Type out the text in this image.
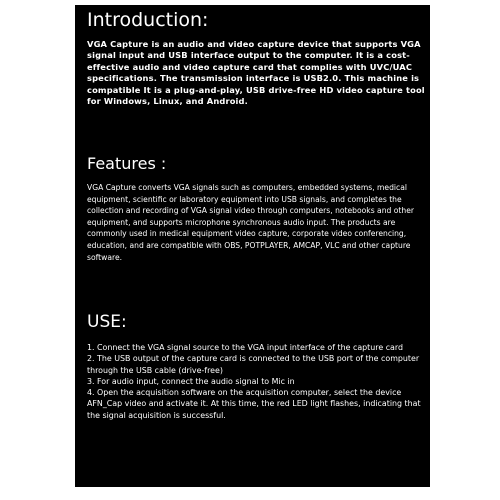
Introduction:

VGA Capture is an audio and video capture device that supports VGA signal input and USB interface output to the computer. It is a cost-effective audio and video capture card that complies with UVC/UAC specifications. The transmission interface is USB2.0. This machine is compatible It is a plug-and-play, USB drive-free HD video capture tool for Windows, Linux, and Android.

Features :

VGA Capture converts VGA signals such as computers, embedded systems, medical equipment, scientific or laboratory equipment into USB signals, and completes the collection and recording of VGA signal video through computers, notebooks and other equipment, and supports microphone synchronous audio input. The products are commonly used in medical equipment video capture, corporate video conferencing, education, and are compatible with OBS, POTPLAYER, AMCAP, VLC and other capture software.

USE:
1. Connect the VGA signal source to the VGA input interface of the capture card
2. The USB output of the capture card is connected to the USB port of the computer through the USB cable (drive-free)
3. For audio input, connect the audio signal to Mic in
4. Open the acquisition software on the acquisition computer, select the device AFN_Cap video and activate it. At this time, the red LED light flashes, indicating that the signal acquisition is successful.
